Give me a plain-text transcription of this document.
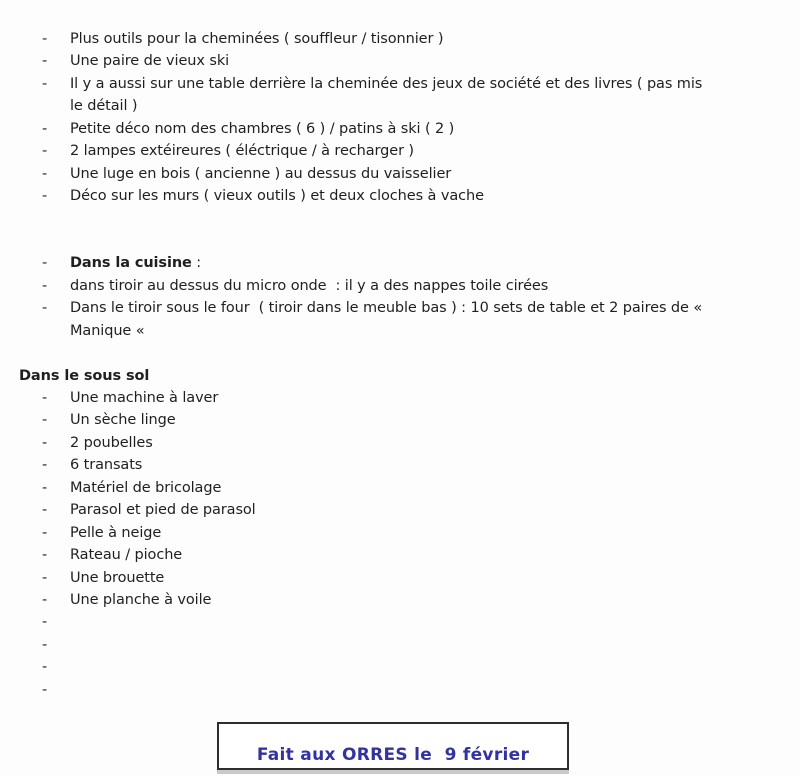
- Plus outils pour la cheminées ( souffleur / tisonnier )
- Une paire de vieux ski
- Il y a aussi sur une table derrière la cheminée des jeux de société et des livres ( pas mis
le détail )
- Petite déco nom des chambres ( 6 ) / patins à ski ( 2 )
- 2 lampes extéireures ( éléctrique / à recharger )
- Une luge en bois ( ancienne ) au dessus du vaisselier
- Déco sur les murs ( vieux outils ) et deux cloches à vache
- Dans la cuisine :
- dans tiroir au dessus du micro onde  : il y a des nappes toile cirées
- Dans le tiroir sous le four  ( tiroir dans le meuble bas ) : 10 sets de table et 2 paires de «
Manique «
Dans le sous sol
- Une machine à laver
- Un sèche linge
- 2 poubelles
- 6 transats
- Matériel de bricolage
- Parasol et pied de parasol
- Pelle à neige
- Rateau / pioche
- Une brouette
- Une planche à voile
-
-
-
-
Fait aux ORRES le  9 février
